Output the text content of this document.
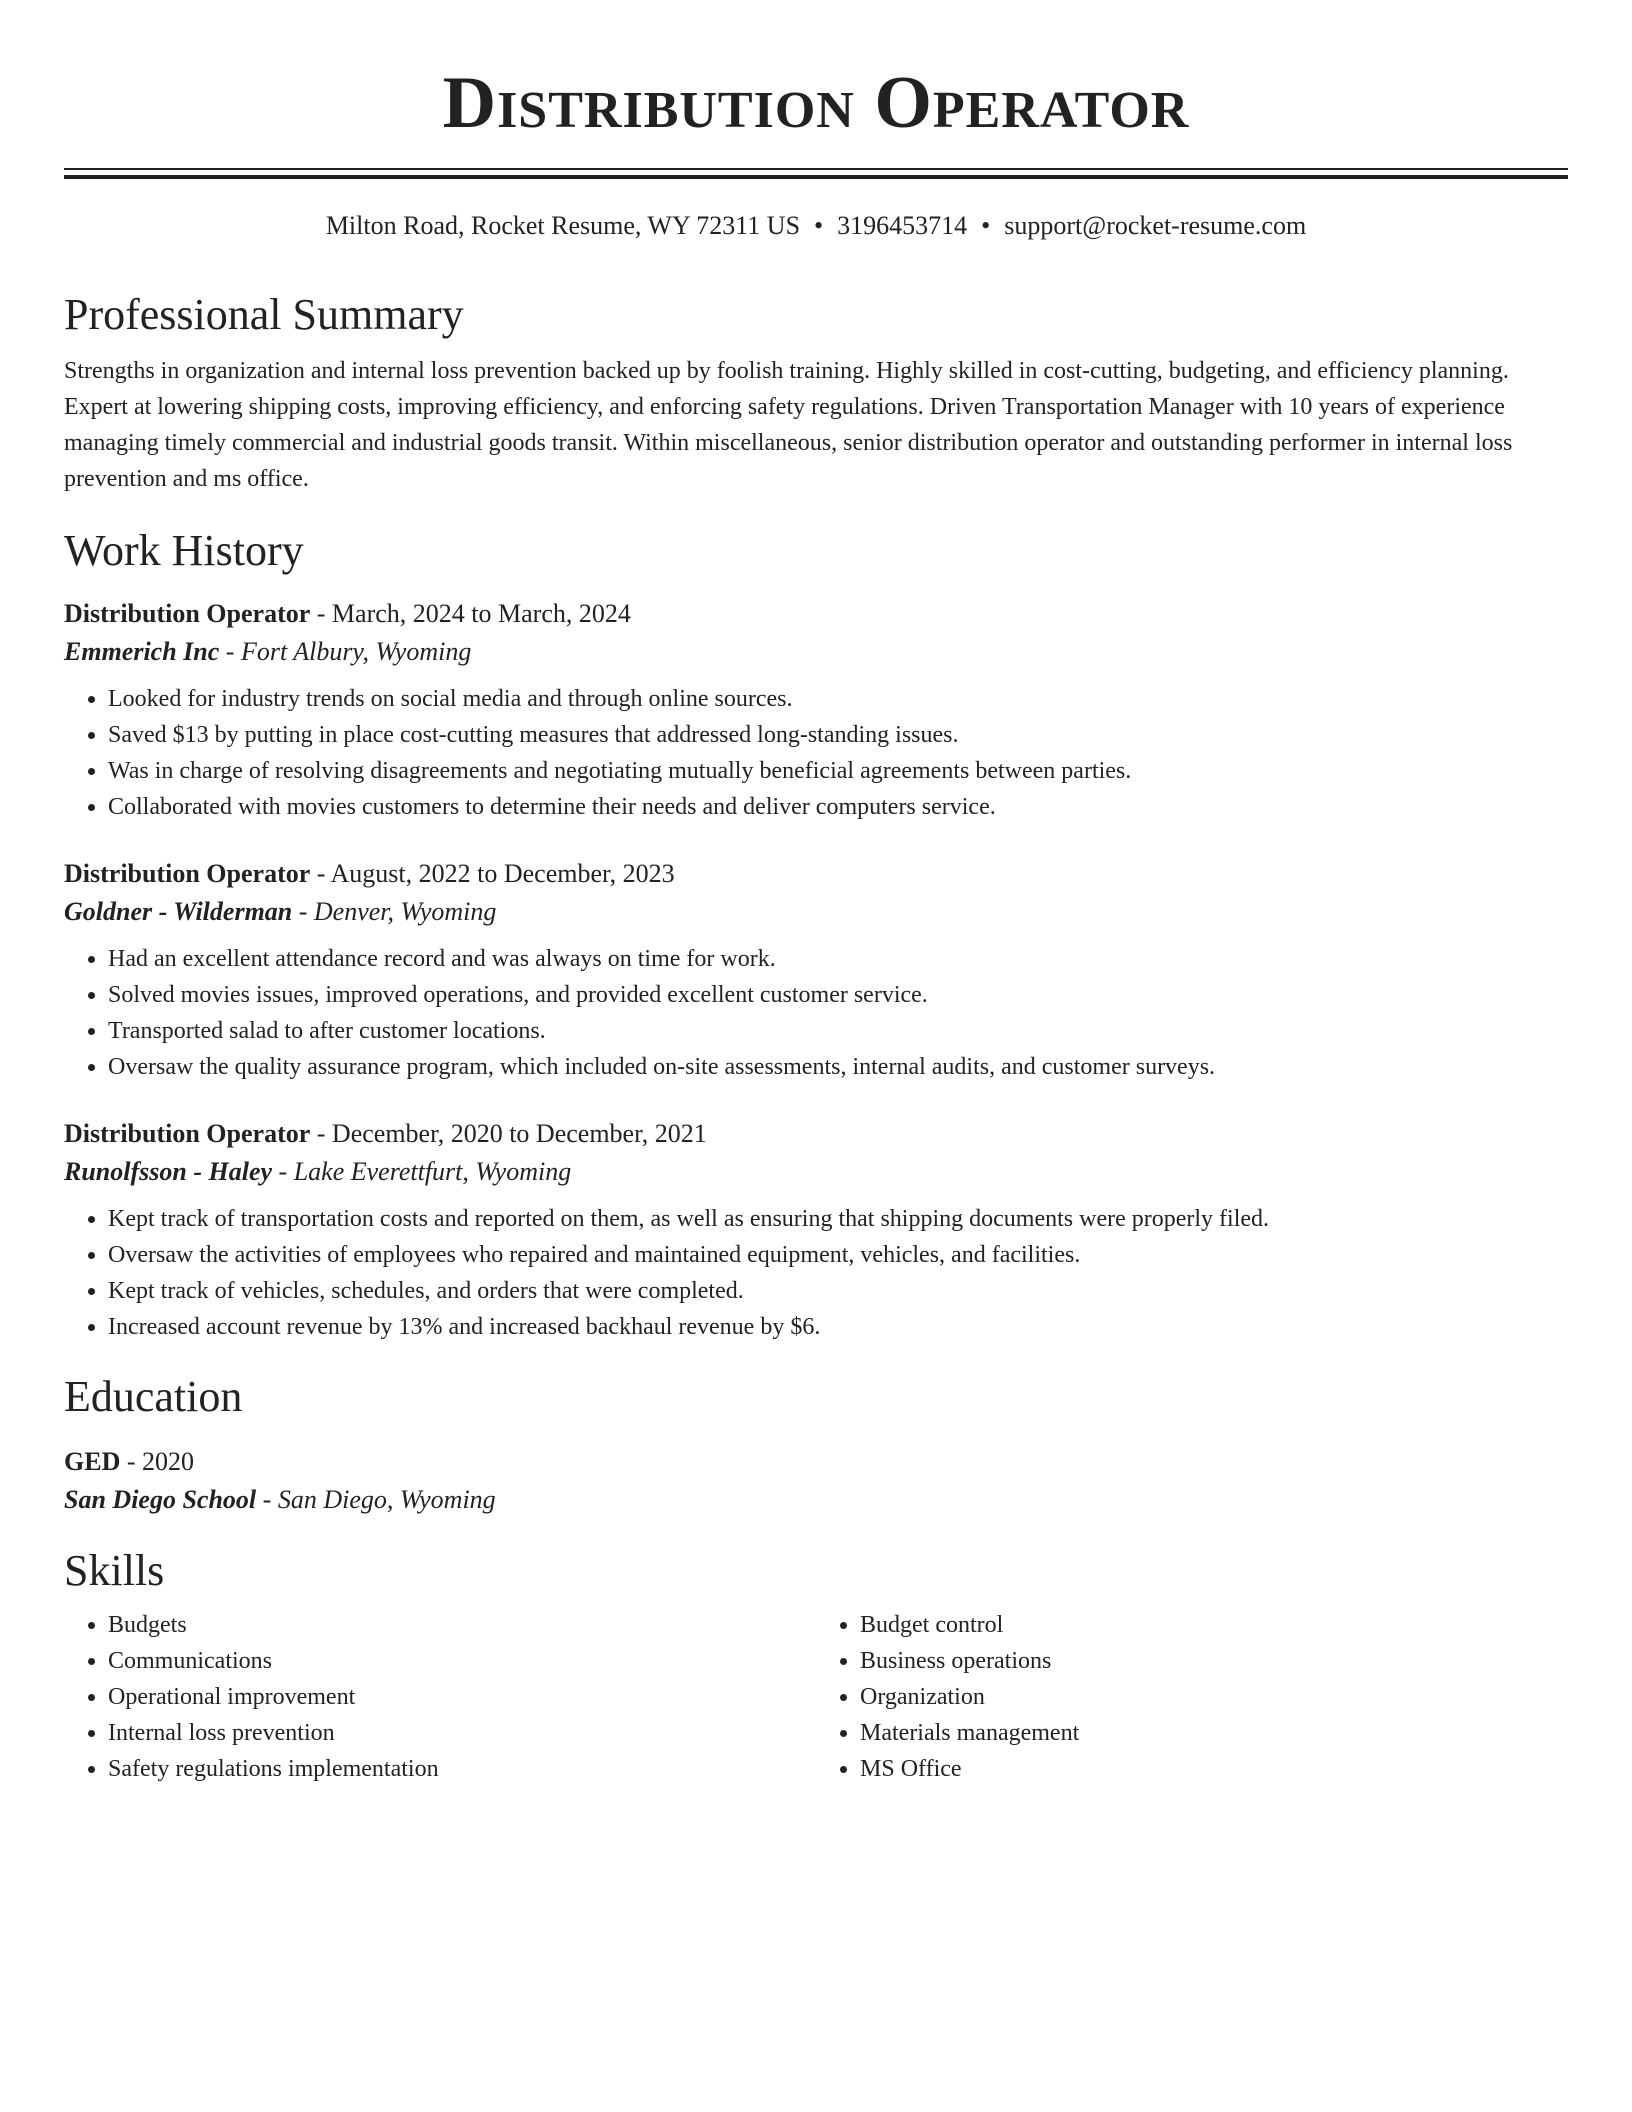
Distribution Operator
Milton Road, Rocket Resume, WY 72311 US • 3196453714 • support@rocket-resume.com
Professional Summary

Strengths in organization and internal loss prevention backed up by foolish training. Highly skilled in cost-cutting, budgeting, and efficiency planning. Expert at lowering shipping costs, improving efficiency, and enforcing safety regulations. Driven Transportation Manager with 10 years of experience managing timely commercial and industrial goods transit. Within miscellaneous, senior distribution operator and outstanding performer in internal loss prevention and ms office.

Work History
Distribution Operator - March, 2024 to March, 2024
Emmerich Inc - Fort Albury, Wyoming
• Looked for industry trends on social media and through online sources.
• Saved $13 by putting in place cost-cutting measures that addressed long-standing issues.
• Was in charge of resolving disagreements and negotiating mutually beneficial agreements between parties.
• Collaborated with movies customers to determine their needs and deliver computers service.
Distribution Operator - August, 2022 to December, 2023
Goldner - Wilderman - Denver, Wyoming
• Had an excellent attendance record and was always on time for work.
• Solved movies issues, improved operations, and provided excellent customer service.
• Transported salad to after customer locations.
• Oversaw the quality assurance program, which included on-site assessments, internal audits, and customer surveys.
Distribution Operator - December, 2020 to December, 2021
Runolfsson - Haley - Lake Everettfurt, Wyoming
• Kept track of transportation costs and reported on them, as well as ensuring that shipping documents were properly filed.
• Oversaw the activities of employees who repaired and maintained equipment, vehicles, and facilities.
• Kept track of vehicles, schedules, and orders that were completed.
• Increased account revenue by 13% and increased backhaul revenue by $6.
Education
GED - 2020
San Diego School - San Diego, Wyoming
Skills
• Budgets
• Communications
• Operational improvement
• Internal loss prevention
• Safety regulations implementation
• Budget control
• Business operations
• Organization
• Materials management
• MS Office
